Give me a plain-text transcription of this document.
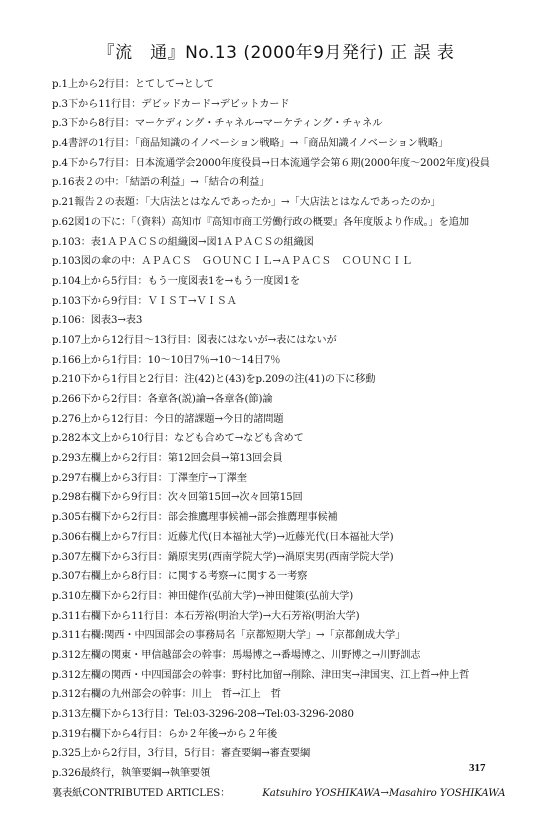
『流　通』No.13 (2000年9月発行) 正 誤 表
p.1上から2行目：とてして→として
p.3下から11行目：デビッドカード→デビットカード
p.3下から8行目：マーケディング・チャネル→マーケティング・チャネル
p.4書評の1行目：「商品知識のイノベーション戦略」→「商品知識イノベーション戦略」
p.4下から7行目：日本流通学会2000年度役員→日本流通学会第６期(2000年度～2002年度)役員
p.16表２の中：「結語の利益」→「結合の利益」
p.21報告２の表題：「大店法とはなんであったか」→「大店法とはなんであったのか」
p.62図1の下に：「（資料）高知市『高知市商工労働行政の概要』各年度版より作成。」を追加
p.103：表1ＡＰＡＣＳの組織図→図1ＡＰＡＣＳの組織図
p.103図の傘の中：ＡＰＡＣＳ　ＧＯＵＮＣＩＬ→ＡＰＡＣＳ　ＣＯＵＮＣＩＬ
p.104上から5行目：もう一度図表1を→もう一度図1を
p.103下から9行目：ＶＩＳＴ→ＶＩＳＡ
p.106：図表3→表3
p.107上から12行目～13行目：図表にはないが→表にはないが
p.166上から1行目：10～10日7％→10～14日7％
p.210下から1行目と2行目：注(42)と(43)をp.209の注(41)の下に移動
p.266下から2行目：各章各(説)論→各章各(節)論
p.276上から12行目：今日的諸課題→今日的諸問題
p.282本文上から10行目：なども合めて→なども含めて
p.293左欄上から2行目：第12回会員→第13回会員
p.297右欄上から3行目：丁澤奎庁→丁澤奎
p.298右欄下から9行目：次々回第15回→次々回第15回
p.305右欄下から2行目：部会推鷹理事候補→部会推薦理事候補
p.306右欄上から7行目：近藤尤代(日本福祉大学)→近藤光代(日本福祉大学)
p.307左欄下から3行目：鍋原実男(西南学院大学)→渦原実男(西南学院大学)
p.307右欄上から8行目：に関する考察→に関する一考察
p.310左欄下から2行目：神田健作(弘前大学)→神田健策(弘前大学)
p.311右欄下から11行目：本石芳裕(明治大学)→大石芳裕(明治大学)
p.311右欄:関西・中四国部会の事務局名「京都短期大学」→「京都創成大学」
p.312左欄の関東・甲信越部会の幹事：馬場博之→番場博之、川野博之→川野訓志
p.312左欄の関西・中四国部会の幹事：野村比加留→削除、津田実→津国実、江上哲→仲上哲
p.312右欄の九州部会の幹事：川上　哲→江上　哲
p.313左欄下から13行目：Tel:03-3296-208→Tel:03-3296-2080
p.319右欄下から4行目：らか２年後→から２年後
p.325上から2行目，3行目，5行目：審査要綱→審査要綱
p.326最終行，執筆要綱→執筆要領
裏表紙CONTRIBUTED ARTICLES：	Katsuhiro YOSHIKAWA→Masahiro YOSHIKAWA
317
